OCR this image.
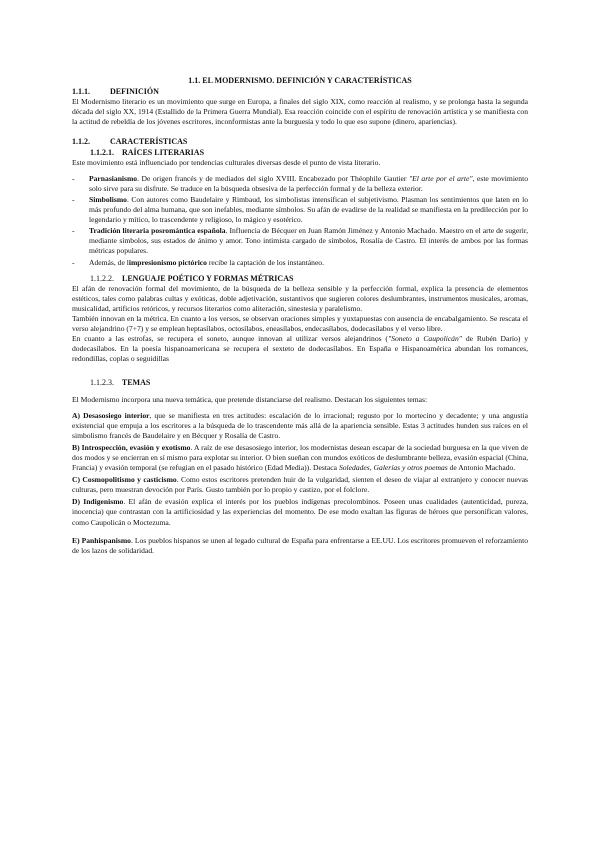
1.1. EL MODERNISMO. DEFINICIÓN Y CARACTERÍSTICAS
1.1.1.	DEFINICIÓN

El Modernismo literario es un movimiento que surge en Europa, a finales del siglo XIX, como reacción al realismo, y se prolonga hasta la segunda década del siglo XX, 1914 (Estallido de la Primera Guerra Mundial). Esa reacción coincide con el espíritu de renovación artística y se manifiesta con la actitud de rebeldía de los jóvenes escritores, inconformistas ante la burguesía y todo lo que eso supone (dinero, apariencias).

1.1.2.	CARACTERÍSTICAS
1.1.2.1. RAÍCES LITERARIAS

Este movimiento está influenciado por tendencias culturales diversas desde el punto de vista literario.

- Parnasianismo. De origen francés y de mediados del siglo XVIII. Encabezado por Théophile Gautier "El arte por el arte", este movimiento solo sirve para su disfrute. Se traduce en la búsqueda obsesiva de la perfección formal y de la belleza exterior.
- Simbolismo. Con autores como Baudelaire y Rimbaud, los simbolistas intensifican el subjetivismo. Plasman los sentimientos que laten en lo más profundo del alma humana, que son inefables, mediante símbolos. Su afán de evadirse de la realidad se manifiesta en la predilección por lo legendario y mítico, lo trascendente y religioso, lo mágico y esotérico.
- Tradición literaria posromántica española. Influencia de Bécquer en Juan Ramón Jiménez y Antonio Machado. Maestro en el arte de sugerir, mediante símbolos, sus estados de ánimo y amor. Tono intimista cargado de símbolos, Rosalía de Castro. El interés de ambos por las formas métricas populares.
- Además, de limpresionismo pictórico recibe la captación de los instantáneo.
1.1.2.2. LENGUAJE POÉTICO Y FORMAS MÉTRICAS

El afán de renovación formal del movimiento, de la búsqueda de la belleza sensible y la perfección formal, explica la presencia de elementos estéticos, tales como palabras cultas y exóticas, doble adjetivación, sustantivos que sugieren colores deslumbrantes, instrumentos musicales, aromas, musicalidad, artificios retóricos, y recursos literarios como aliteración, sinestesia y paralelismo.

También innovan en la métrica. En cuanto a los versos, se observan oraciones simples y yuxtapuestas con ausencia de encabalgamiento. Se rescata el verso alejandrino (7+7) y se emplean heptasílabos, octosílabos, eneasílabos, endecasílabos, dodecasílabos y el verso libre.

En cuanto a las estrofas, se recupera el soneto, aunque innovan al utilizar versos alejandrinos ("Soneto a Caupolicán" de Rubén Darío) y dodecasílabos. En la poesía hispanoamericana se recupera el sexteto de dodecasílabos. En España e Hispanoamérica abundan los romances, redondillas, coplas o seguidillas

1.1.2.3. TEMAS

El Modernismo incorpora una nueva temática, que pretende distanciarse del realismo. Destacan los siguientes temas:

A) Desasosiego interior, que se manifiesta en tres actitudes: escalación de lo irracional; regusto por lo mortecino y decadente; y una angustia existencial que empuja a los escritores a la búsqueda de lo trascendente más allá de la apariencia sensible. Estas 3 actitudes hunden sus raíces en el simbolismo francés de Baudelaire y en Bécquer y Rosalía de Castro.

B) Introspección, evasión y exotismo. A raíz de ese desasosiego interior, los modernistas desean escapar de la sociedad burguesa en la que viven de dos modos y se encierran en sí mismo para explotar su interior. O bien sueñan con mundos exóticos de deslumbrante belleza, evasión espacial (China, Francia) y evasión temporal (se refugian en el pasado histórico (Edad Media)). Destaca Soledades, Galerías y otros poemas de Antonio Machado.

C) Cosmopolitismo y casticismo. Como estos escritores pretenden huir de la vulgaridad, sienten el deseo de viajar al extranjero y conocer nuevas culturas, pero muestran devoción por París. Gusto también por lo propio y castizo, por el folclore.

D) Indigenismo. El afán de evasión explica el interés por los pueblos indígenas precolombinos. Poseen unas cualidades (autenticidad, pureza, inocencia) que contrastan con la artificiosidad y las experiencias del momento. De ese modo exaltan las figuras de héroes que personifican valores, como Caupolicán o Moctezuma.

E) Panhispanismo. Los pueblos hispanos se unen al legado cultural de España para enfrentarse a EE.UU. Los escritores promueven el reforzamiento de los lazos de solidaridad.
